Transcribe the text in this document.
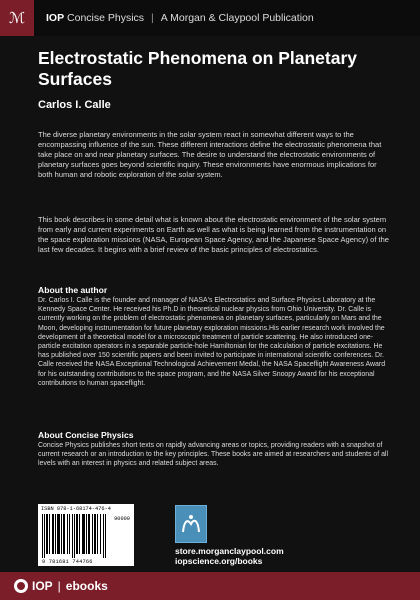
ℳ	IOP Concise Physics | A Morgan & Claypool Publication
Electrostatic Phenomena on Planetary Surfaces
Carlos I. Calle
The diverse planetary environments in the solar system react in somewhat different ways to the encompassing influence of the sun. These different interactions define the electrostatic phenomena that take place on and near planetary surfaces. The desire to understand the electrostatic environments of planetary surfaces goes beyond scientific inquiry. These environments have enormous implications for both human and robotic exploration of the solar system.
This book describes in some detail what is known about the electrostatic environment of the solar system from early and current experiments on Earth as well as what is being learned from the instrumentation on the space exploration missions (NASA, European Space Agency, and the Japanese Space Agency) of the last few decades. It begins with a brief review of the basic principles of electrostatics.
About the author
Dr. Carlos I. Calle is the founder and manager of NASA's Electrostatics and Surface Physics Laboratory at the Kennedy Space Center. He received his Ph.D in theoretical nuclear physics from Ohio University. Dr. Calle is currently working on the problem of electrostatic phenomena on planetary surfaces, particularly on Mars and the Moon, developing instrumentation for future planetary exploration missions.His earlier research work involved the development of a theoretical model for a microscopic treatment of particle scattering. He also introduced one-particle excitation operators in a separable particle-hole Hamiltonian for the calculation of particle excitations. He has published over 150 scientific papers and been invited to participate in international scientific conferences. Dr. Calle received the NASA Exceptional Technological Achievement Medal, the NASA Spaceflight Awareness Award for his outstanding contributions to the space program, and the NASA Silver Snoopy Award for his exceptional contributions to human spaceflight.
About Concise Physics
Concise Physics publishes short texts on rapidly advancing areas or topics, providing readers with a snapshot of current research or an introduction to the key principles. These books are aimed at researchers and students of all levels with an interest in physics and related subject areas.
ISBN 978-1-68174-476-4
90000
9 781681 744766
store.morganclaypool.com
iopscience.org/books
IOP | ebooks
